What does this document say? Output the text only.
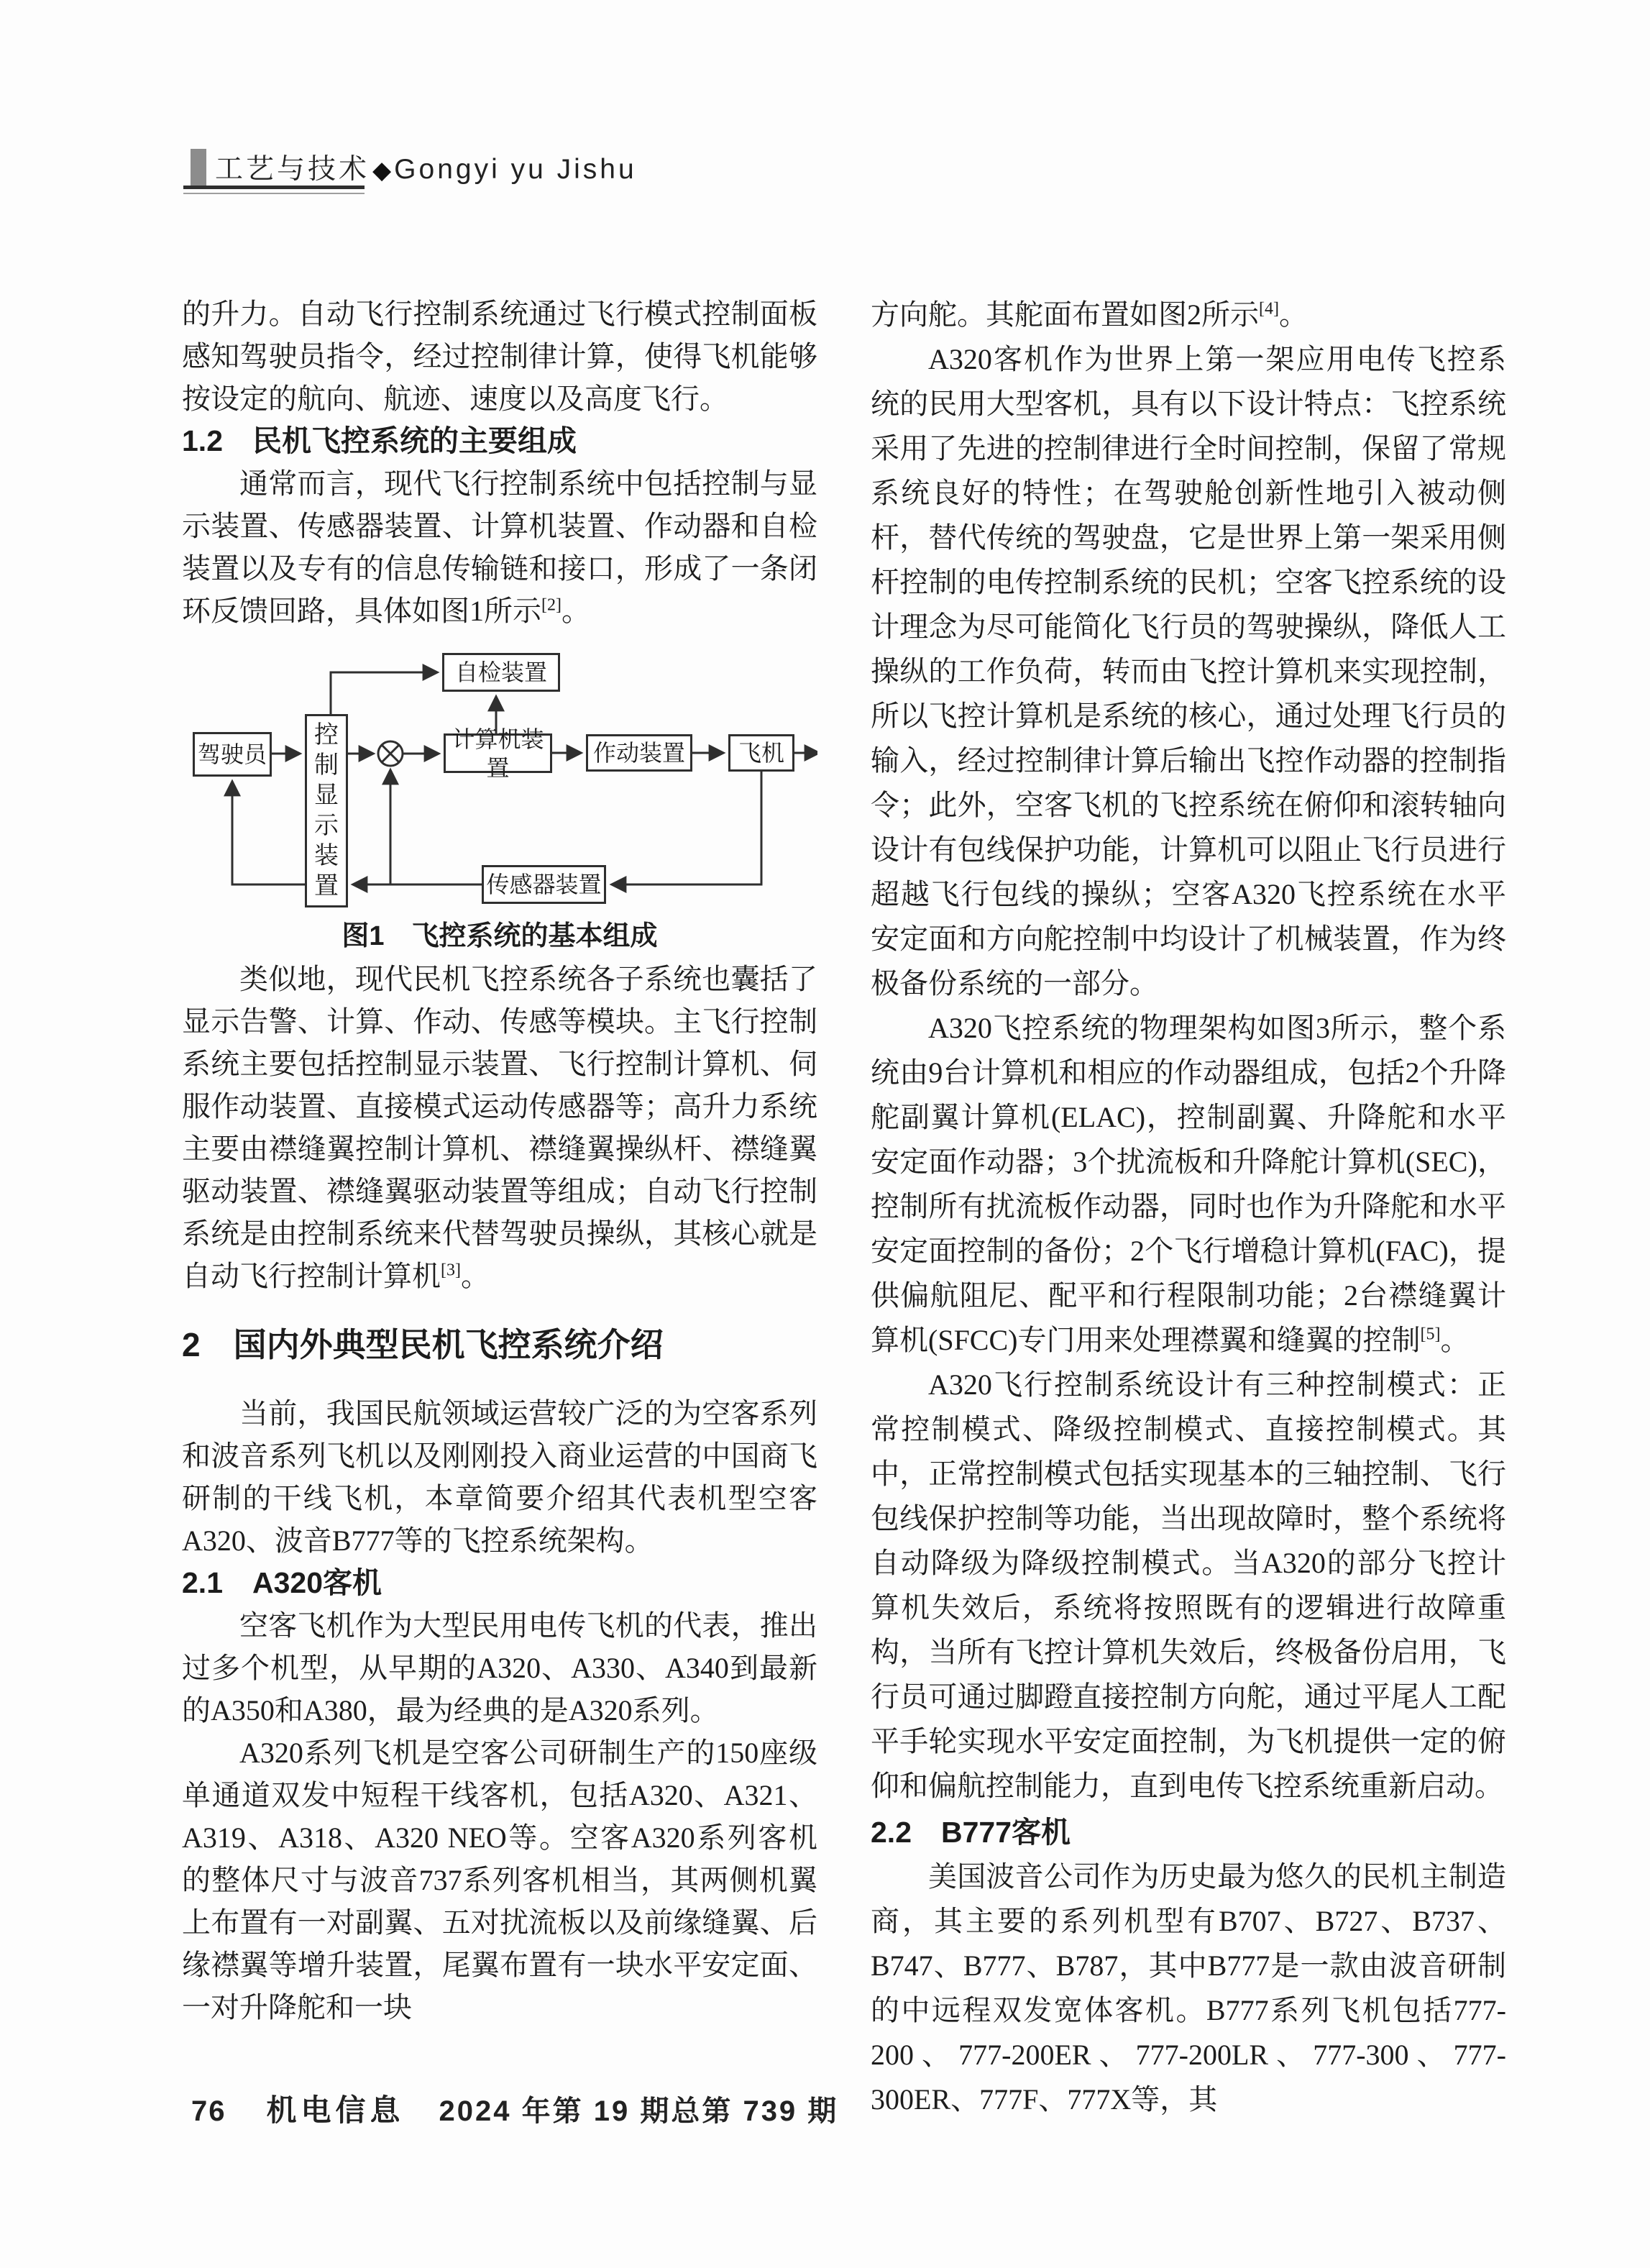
工艺与技术 ◆ Gongyi yu Jishu

的升力。自动飞行控制系统通过飞行模式控制面板感知驾驶员指令，经过控制律计算，使得飞机能够按设定的航向、航迹、速度以及高度飞行。

1.2　民机飞控系统的主要组成

通常而言，现代飞行控制系统中包括控制与显示装置、传感器装置、计算机装置、作动器和自检装置以及专有的信息传输链和接口，形成了一条闭环反馈回路，具体如图1所示[2]。

驾驶员
控制显示装置
自检装置
计算机装置
作动装置	飞机
传感器装置
图1　飞控系统的基本组成

类似地，现代民机飞控系统各子系统也囊括了显示告警、计算、作动、传感等模块。主飞行控制系统主要包括控制显示装置、飞行控制计算机、伺服作动装置、直接模式运动传感器等；高升力系统主要由襟缝翼控制计算机、襟缝翼操纵杆、襟缝翼驱动装置、襟缝翼驱动装置等组成；自动飞行控制系统是由控制系统来代替驾驶员操纵，其核心就是自动飞行控制计算机[3]。

2　国内外典型民机飞控系统介绍

当前，我国民航领域运营较广泛的为空客系列和波音系列飞机以及刚刚投入商业运营的中国商飞研制的干线飞机，本章简要介绍其代表机型空客A320、波音B777等的飞控系统架构。

2.1　A320客机

空客飞机作为大型民用电传飞机的代表，推出过多个机型，从早期的A320、A330、A340到最新的A350和A380，最为经典的是A320系列。

A320系列飞机是空客公司研制生产的150座级单通道双发中短程干线客机，包括A320、A321、A319、A318、A320 NEO等。空客A320系列客机的整体尺寸与波音737系列客机相当，其两侧机翼上布置有一对副翼、五对扰流板以及前缘缝翼、后缘襟翼等增升装置，尾翼布置有一块水平安定面、一对升降舵和一块

方向舵。其舵面布置如图2所示[4]。

A320客机作为世界上第一架应用电传飞控系统的民用大型客机，具有以下设计特点：飞控系统采用了先进的控制律进行全时间控制，保留了常规系统良好的特性；在驾驶舱创新性地引入被动侧杆，替代传统的驾驶盘，它是世界上第一架采用侧杆控制的电传控制系统的民机；空客飞控系统的设计理念为尽可能简化飞行员的驾驶操纵，降低人工操纵的工作负荷，转而由飞控计算机来实现控制，所以飞控计算机是系统的核心，通过处理飞行员的输入，经过控制律计算后输出飞控作动器的控制指令；此外，空客飞机的飞控系统在俯仰和滚转轴向设计有包线保护功能，计算机可以阻止飞行员进行超越飞行包线的操纵；空客A320飞控系统在水平安定面和方向舵控制中均设计了机械装置，作为终极备份系统的一部分。

A320飞控系统的物理架构如图3所示，整个系统由9台计算机和相应的作动器组成，包括2个升降舵副翼计算机(ELAC)，控制副翼、升降舵和水平安定面作动器；3个扰流板和升降舵计算机(SEC)，控制所有扰流板作动器，同时也作为升降舵和水平安定面控制的备份；2个飞行增稳计算机(FAC)，提供偏航阻尼、配平和行程限制功能；2台襟缝翼计算机(SFCC)专门用来处理襟翼和缝翼的控制[5]。

A320飞行控制系统设计有三种控制模式：正常控制模式、降级控制模式、直接控制模式。其中，正常控制模式包括实现基本的三轴控制、飞行包线保护控制等功能，当出现故障时，整个系统将自动降级为降级控制模式。当A320的部分飞控计算机失效后，系统将按照既有的逻辑进行故障重构，当所有飞控计算机失效后，终极备份启用，飞行员可通过脚蹬直接控制方向舵，通过平尾人工配平手轮实现水平安定面控制，为飞机提供一定的俯仰和偏航控制能力，直到电传飞控系统重新启动。

2.2　B777客机

美国波音公司作为历史最为悠久的民机主制造商，其主要的系列机型有B707、B727、B737、B747、B777、B787，其中B777是一款由波音研制的中远程双发宽体客机。B777系列飞机包括777-200、777-200ER、777-200LR、777-300、777-300ER、777F、777X等，其

76 机电信息 2024 年第 19 期总第 739 期
